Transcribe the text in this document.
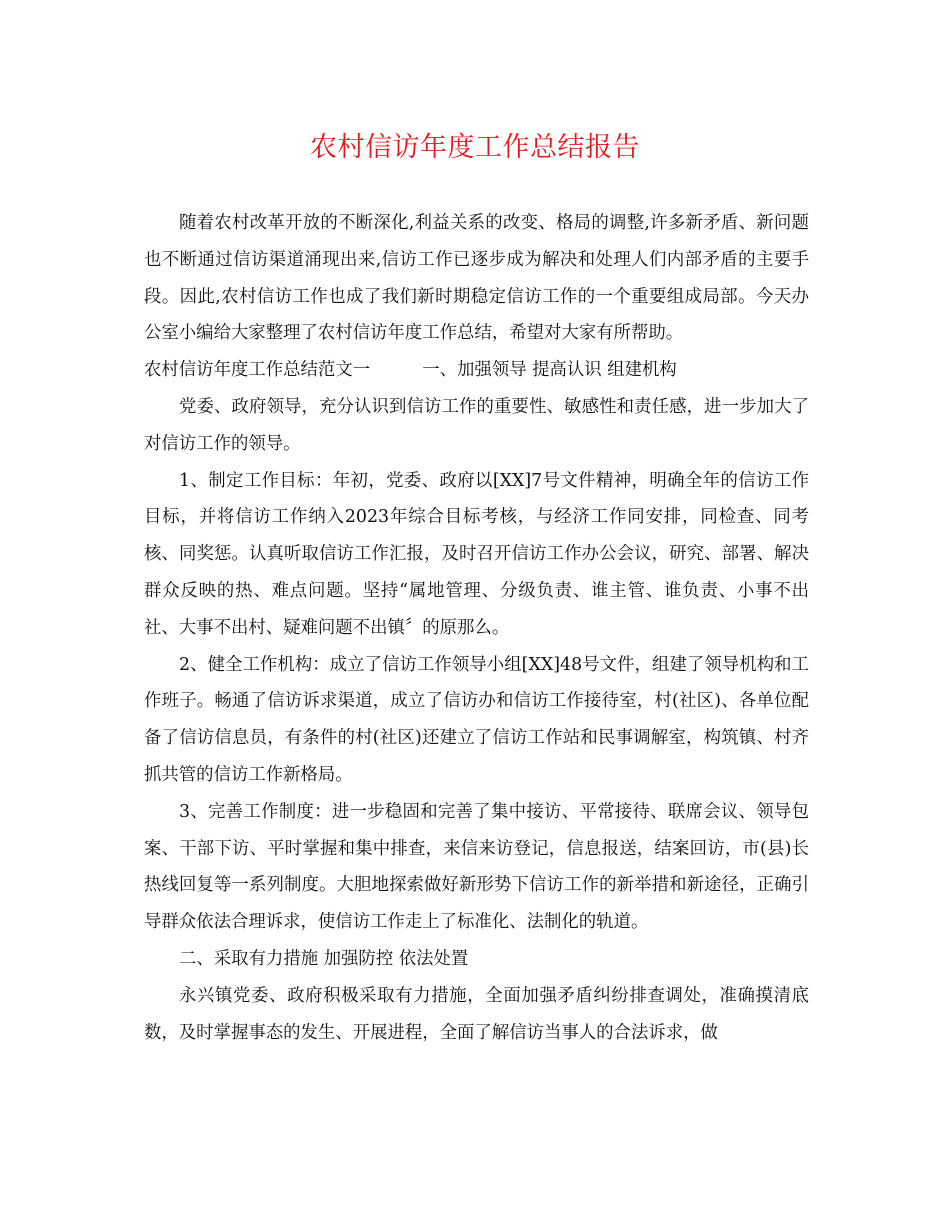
农村信访年度工作总结报告

随着农村改革开放的不断深化,利益关系的改变、格局的调整,许多新矛盾、新问题也不断通过信访渠道涌现出来,信访工作已逐步成为解决和处理人们内部矛盾的主要手段。因此,农村信访工作也成了我们新时期稳定信访工作的一个重要组成局部。今天办公室小编给大家整理了农村信访年度工作总结，希望对大家有所帮助。

农村信访年度工作总结范文一　　　一、加强领导 提高认识 组建机构

党委、政府领导，充分认识到信访工作的重要性、敏感性和责任感，进一步加大了对信访工作的领导。

1、制定工作目标：年初，党委、政府以[XX]7号文件精神，明确全年的信访工作目标，并将信访工作纳入2023年综合目标考核，与经济工作同安排，同检查、同考核、同奖惩。认真听取信访工作汇报，及时召开信访工作办公会议，研究、部署、解决群众反映的热、难点问题。坚持“属地管理、分级负责、谁主管、谁负责、小事不出社、大事不出村、疑难问题不出镇〞的原那么。

2、健全工作机构：成立了信访工作领导小组[XX]48号文件，组建了领导机构和工作班子。畅通了信访诉求渠道，成立了信访办和信访工作接待室，村(社区)、各单位配备了信访信息员，有条件的村(社区)还建立了信访工作站和民事调解室，构筑镇、村齐抓共管的信访工作新格局。

3、完善工作制度：进一步稳固和完善了集中接访、平常接待、联席会议、领导包案、干部下访、平时掌握和集中排查，来信来访登记，信息报送，结案回访，市(县)长热线回复等一系列制度。大胆地探索做好新形势下信访工作的新举措和新途径，正确引导群众依法合理诉求，使信访工作走上了标准化、法制化的轨道。

二、采取有力措施 加强防控 依法处置

永兴镇党委、政府积极采取有力措施，全面加强矛盾纠纷排查调处，准确摸清底数，及时掌握事态的发生、开展进程，全面了解信访当事人的合法诉求，做
